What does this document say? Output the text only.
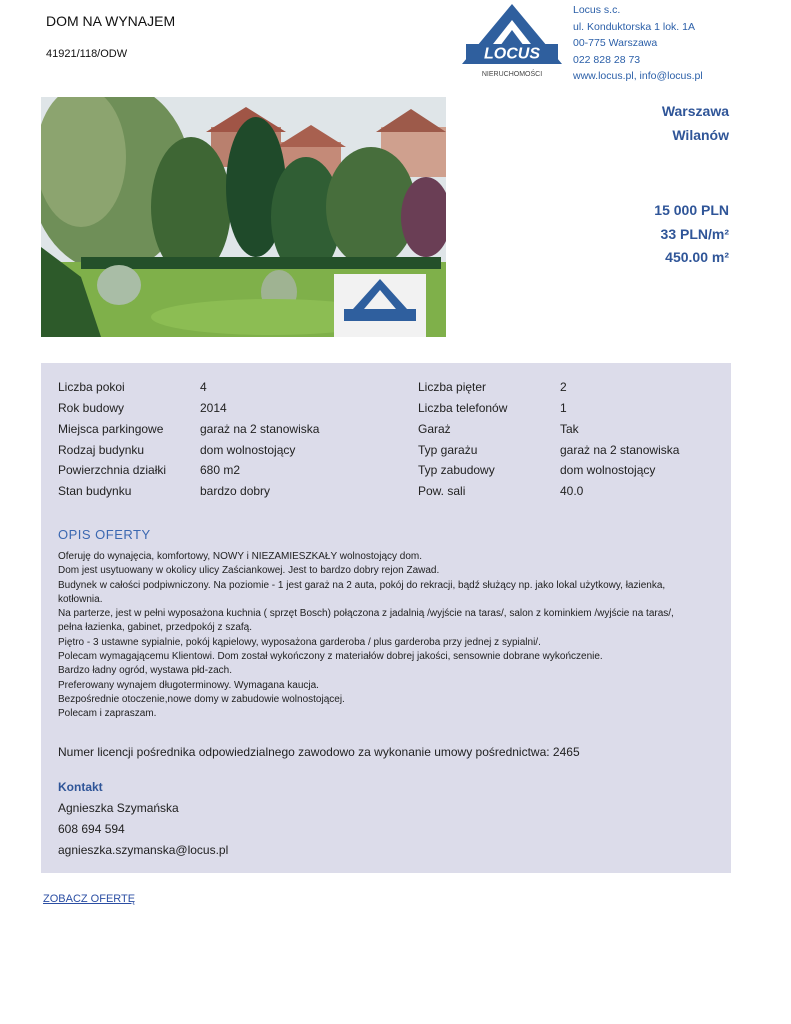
DOM NA WYNAJEM
41921/118/ODW	LOCUS
NIERUCHOMOŚCI
Locus s.c.
ul. Konduktorska 1 lok. 1A
00-775 Warszawa
022 828 28 73
www.locus.pl, info@locus.pl
Warszawa
Wilanów
15 000 PLN
33 PLN/m²
450.00 m²
Liczba pokoi	4
Rok budowy	2014
Miejsca parkingowe	garaż na 2 stanowiska
Rodzaj budynku	dom wolnostojący
Powierzchnia działki	680 m2
Stan budynku	bardzo dobry
Liczba pięter	2
Liczba telefonów	1
Garaż	Tak
Typ garażu	garaż na 2 stanowiska
Typ zabudowy	dom wolnostojący
Pow. sali	40.0
OPIS OFERTY
Oferuję do wynajęcia, komfortowy, NOWY i NIEZAMIESZKAŁY wolnostojący dom.
Dom jest usytuowany w okolicy ulicy Zaściankowej. Jest to bardzo dobry rejon Zawad.
Budynek w całości podpiwniczony. Na poziomie - 1 jest garaż na 2 auta, pokój do rekracji, bądź służący np. jako lokal użytkowy, łazienka,
kotłownia.
Na parterze, jest w pełni wyposażona kuchnia ( sprzęt Bosch) połączona z jadalnią /wyjście na taras/, salon z kominkiem /wyjście na taras/,
pełna łazienka, gabinet, przedpokój z szafą.
Piętro - 3 ustawne sypialnie, pokój kąpielowy, wyposażona garderoba / plus garderoba przy jednej z sypialni/.
Polecam wymagającemu Klientowi. Dom został wykończony z materiałów dobrej jakości, sensownie dobrane wykończenie.
Bardzo ładny ogród, wystawa płd-zach.
Preferowany wynajem długoterminowy. Wymagana kaucja.
Bezpośrednie otoczenie,nowe domy w zabudowie wolnostojącej.
Polecam i zapraszam.
Numer licencji pośrednika odpowiedzialnego zawodowo za wykonanie umowy pośrednictwa: 2465
Kontakt
Agnieszka Szymańska
608 694 594
agnieszka.szymanska@locus.pl
ZOBACZ OFERTĘ
